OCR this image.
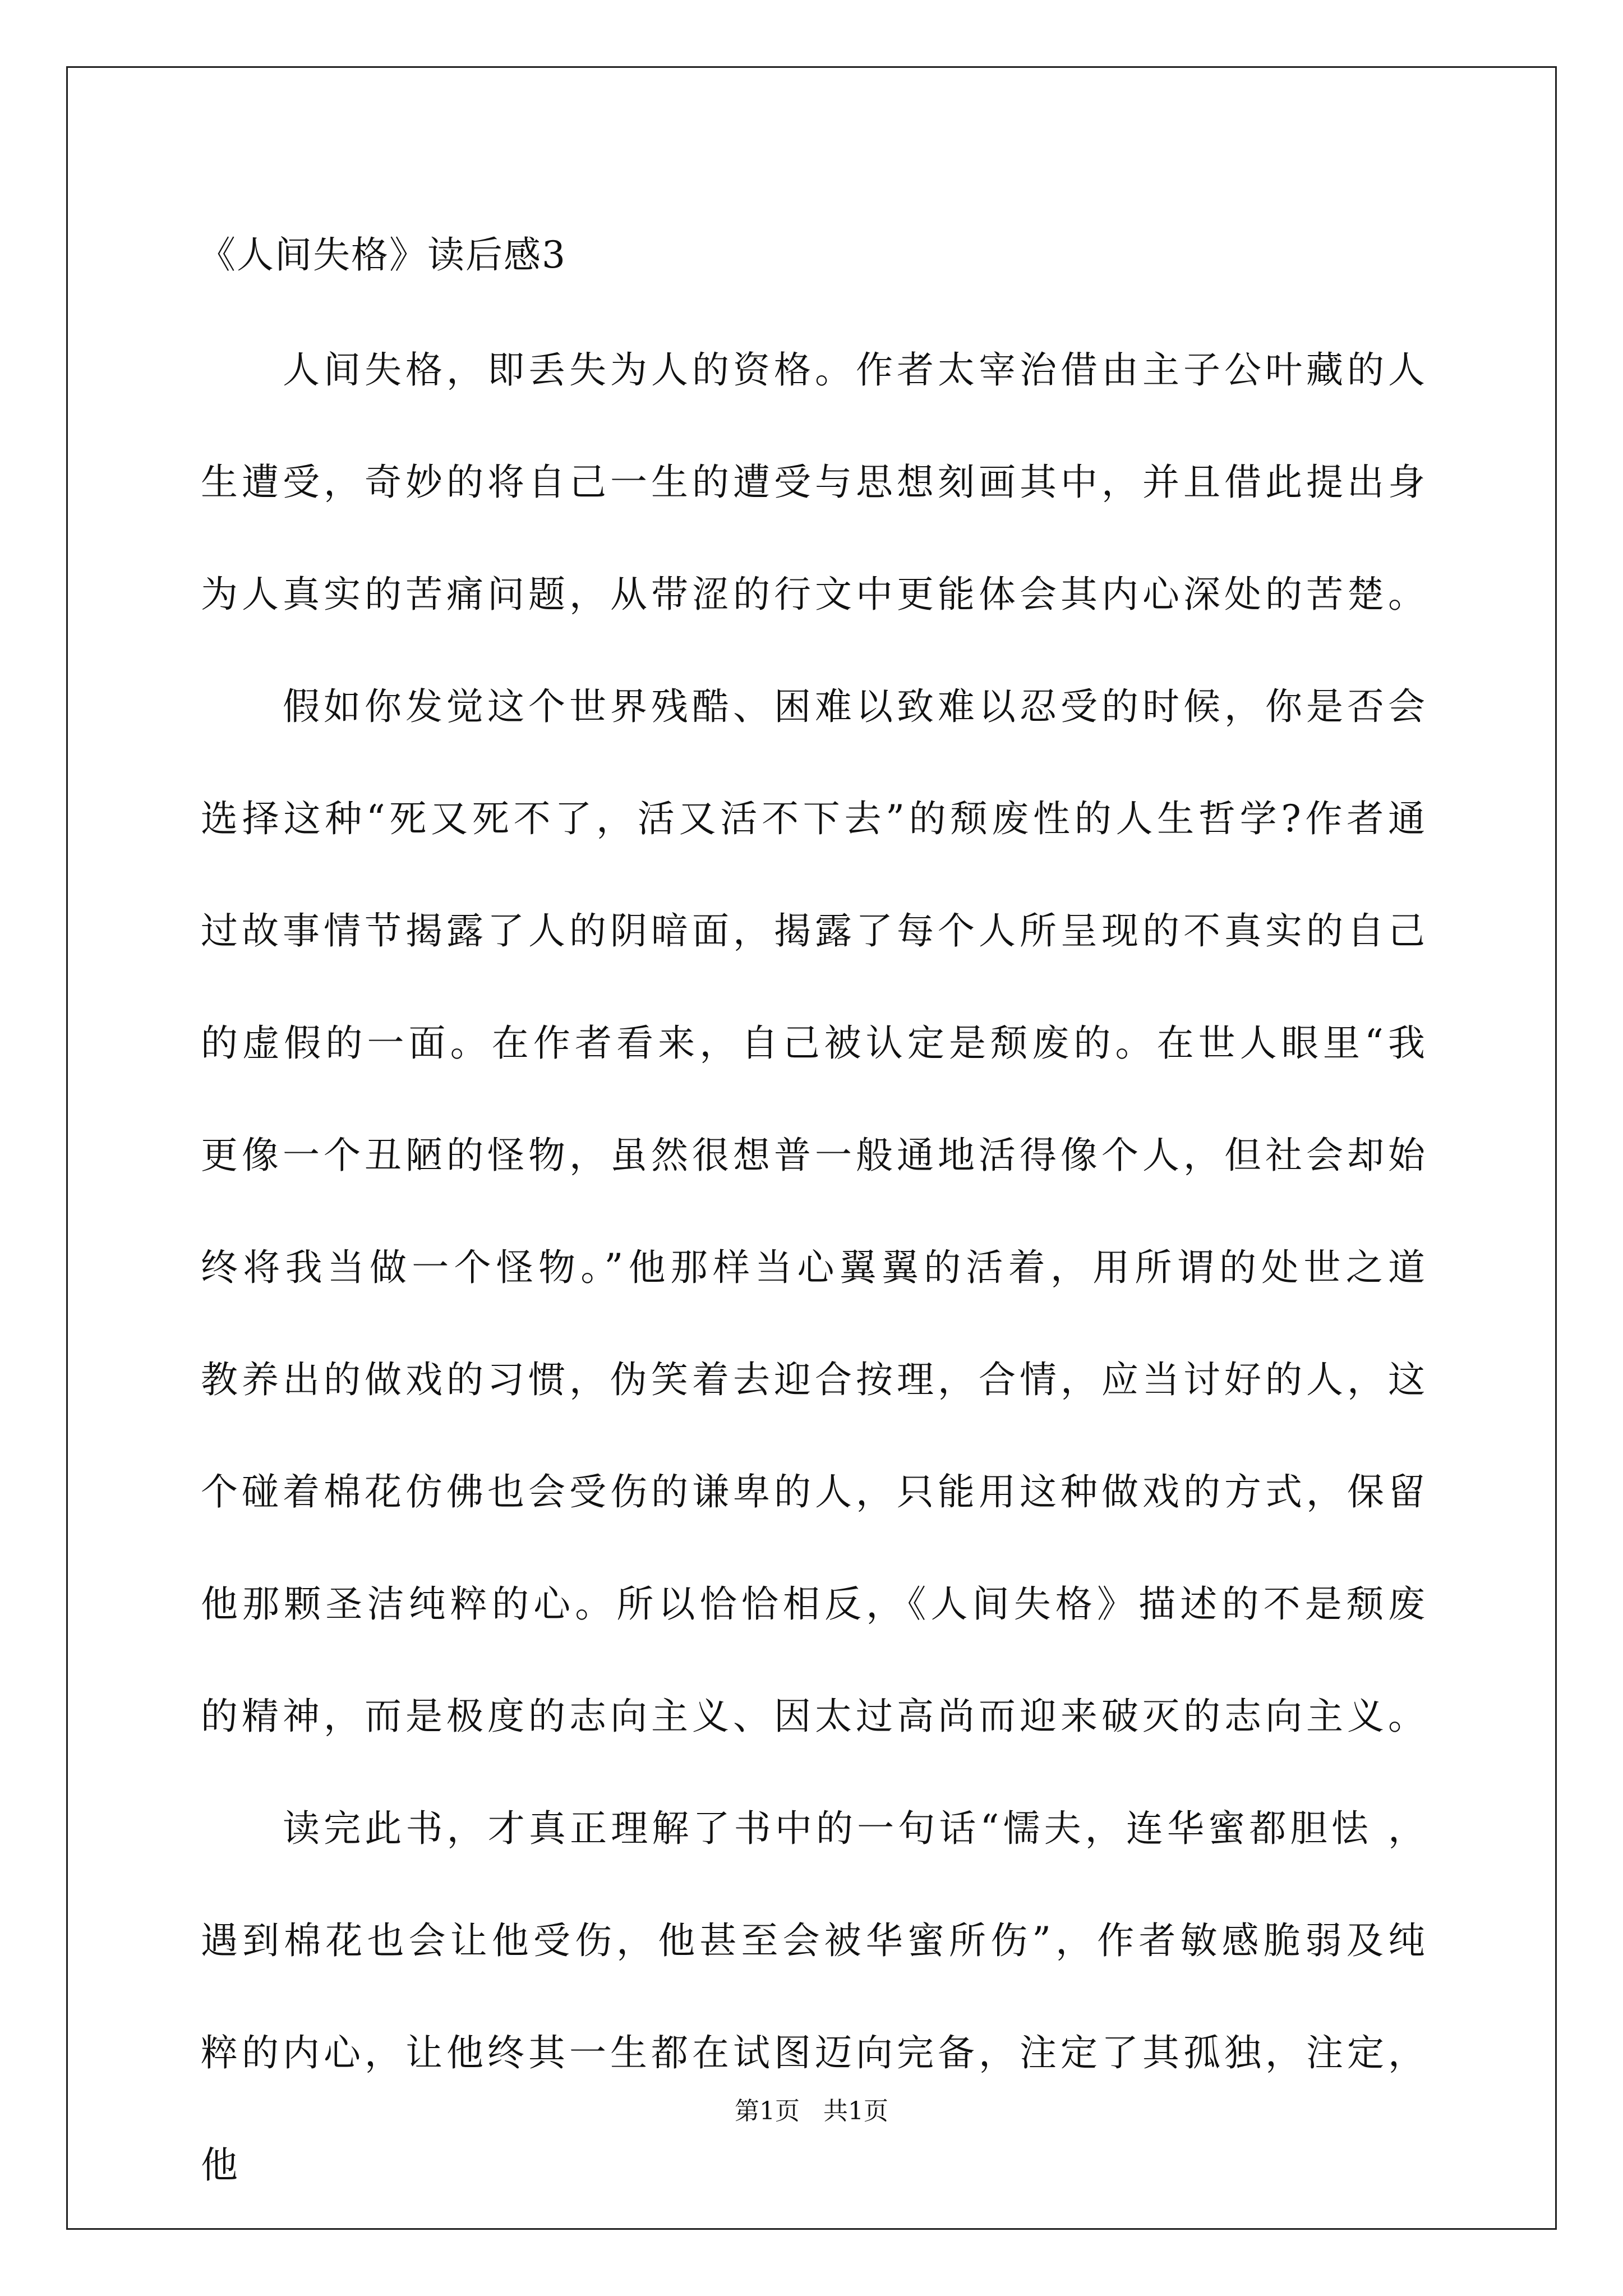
《人间失格》读后感3

人间失格，即丢失为人的资格。作者太宰治借由主子公叶藏的人生遭受，奇妙的将自己一生的遭受与思想刻画其中，并且借此提出身为人真实的苦痛问题，从带涩的行文中更能体会其内心深处的苦楚。

假如你发觉这个世界残酷、困难以致难以忍受的时候，你是否会选择这种“死又死不了，活又活不下去”的颓废性的人生哲学?作者通过故事情节揭露了人的阴暗面，揭露了每个人所呈现的不真实的自己的虚假的一面。在作者看来，自己被认定是颓废的。在世人眼里“我更像一个丑陋的怪物，虽然很想普一般通地活得像个人，但社会却始终将我当做一个怪物。”他那样当心翼翼的活着，用所谓的处世之道教养出的做戏的习惯，伪笑着去迎合按理，合情，应当讨好的人，这个碰着棉花仿佛也会受伤的谦卑的人，只能用这种做戏的方式，保留他那颗圣洁纯粹的心。所以恰恰相反，《人间失格》描述的不是颓废的精神，而是极度的志向主义、因太过高尚而迎来破灭的志向主义。

读完此书，才真正理解了书中的一句话“懦夫，连华蜜都胆怯 ，遇到棉花也会让他受伤，他甚至会被华蜜所伤”，作者敏感脆弱及纯粹的内心，让他终其一生都在试图迈向完备，注定了其孤独，注定，他

第1页 共1页
